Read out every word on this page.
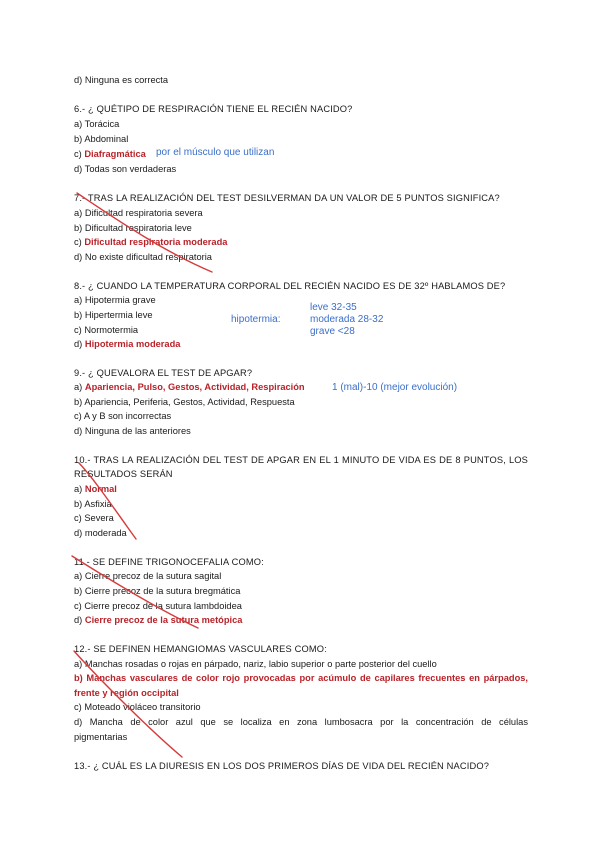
d) Ninguna es correcta
6.- ¿ QUÉTIPO DE RESPIRACIÓN TIENE EL RECIÉN NACIDO?
a) Torácica
b) Abdominal
c) Diafragmática	por el músculo que utilizan
d) Todas son verdaderas
7.- TRAS LA REALIZACIÓN DEL TEST DESILVERMAN DA UN VALOR DE 5 PUNTOS SIGNIFICA?
a) Dificultad respiratoria severa
b) Dificultad respiratoria leve
c) Dificultad respiratoria moderada
d) No existe dificultad respiratoria
8.- ¿ CUANDO LA TEMPERATURA CORPORAL DEL RECIÉN NACIDO ES DE 32º HABLAMOS DE?
a) Hipotermia grave
b) Hipertermia leve
c) Normotermia
d) Hipotermia moderada
hipotermia:
leve 32-35
moderada 28-32
grave <28
9.- ¿ QUEVALORA EL TEST DE APGAR?
a) Apariencia, Pulso, Gestos, Actividad, Respiración	1 (mal)-10 (mejor evolución)
b) Apariencia, Periferia, Gestos, Actividad, Respuesta
c) A y B son incorrectas
d) Ninguna de las anteriores
10.- TRAS LA REALIZACIÓN DEL TEST DE APGAR EN EL 1 MINUTO DE VIDA ES DE 8 PUNTOS, LOS
RESULTADOS SERÁN
a) Normal
b) Asfixia
c) Severa
d) moderada
11.- SE DEFINE TRIGONOCEFALIA COMO:
a) Cierre precoz de la sutura sagital
b) Cierre precoz de la sutura bregmática
c) Cierre precoz de la sutura lambdoidea
d) Cierre precoz de la sutura metópica
12.- SE DEFINEN HEMANGIOMAS VASCULARES COMO:
a) Manchas rosadas o rojas en párpado, nariz, labio superior o parte posterior del cuello
b) Manchas vasculares de color rojo provocadas por acúmulo de capilares frecuentes en párpados,
frente y región occipital
c) Moteado violáceo transitorio
d) Mancha de color azul que se localiza en zona lumbosacra por la concentración de células
pigmentarias
13.- ¿ CUÁL ES LA DIURESIS EN LOS DOS PRIMEROS DÍAS DE VIDA DEL RECIÉN NACIDO?
